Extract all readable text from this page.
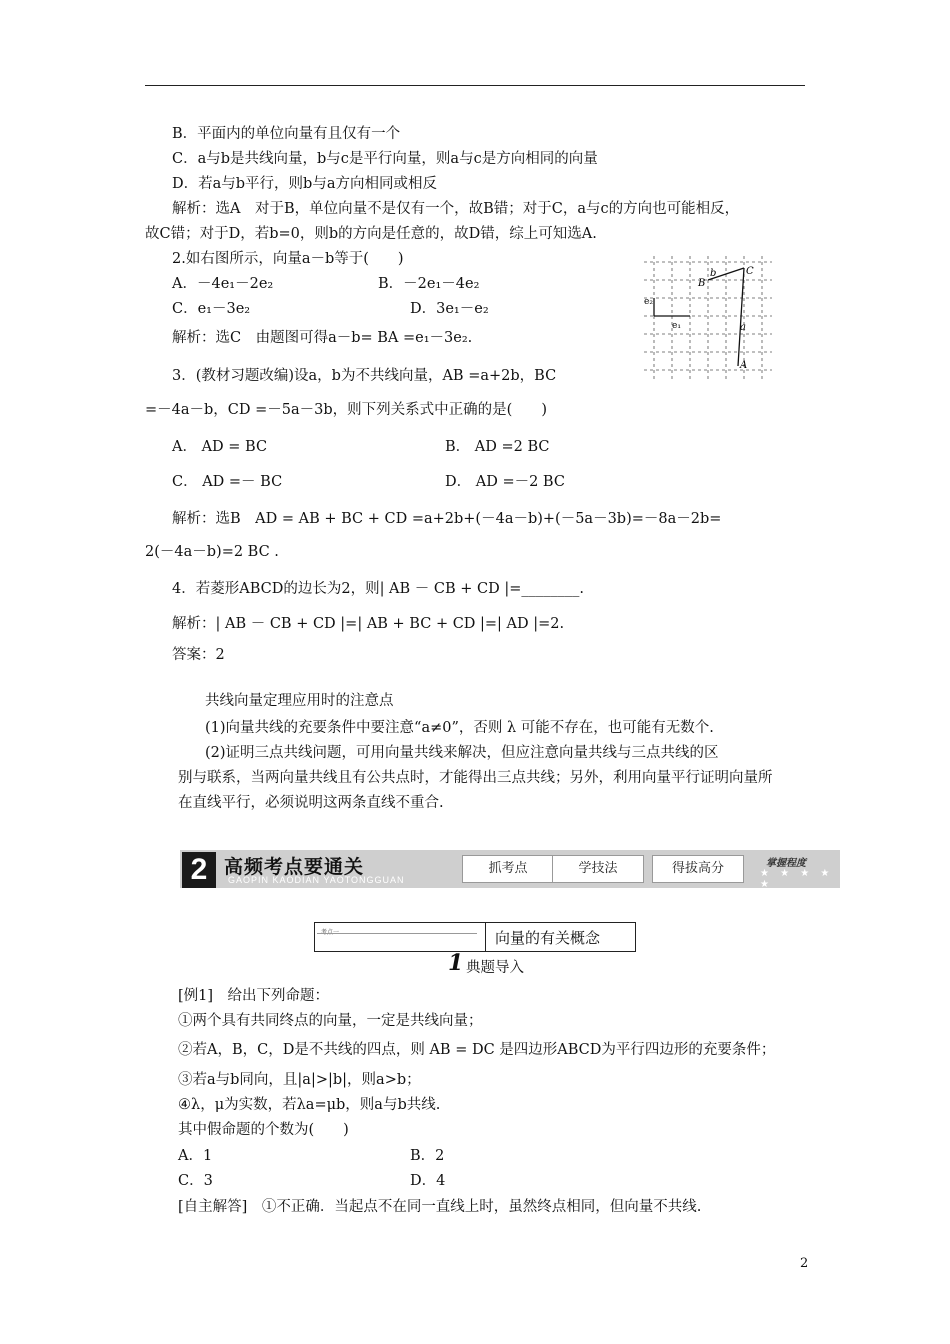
B．平面内的单位向量有且仅有一个
C．a与b是共线向量，b与c是平行向量，则a与c是方向相同的向量
D．若a与b平行，则b与a方向相同或相反
解析：选A　对于B，单位向量不是仅有一个，故B错；对于C，a与c的方向也可能相反，
故C错；对于D，若b=0，则b的方向是任意的，故D错，综上可知选A.
2.如右图所示，向量a－b等于(　　)
A．－4e₁－2e₂	B．－2e₁－4e₂
C．e₁－3e₂	D．3e₁－e₂
解析：选C　由题图可得a－b= BA =e₁－3e₂.
b
B
C
e₂
e₁	a
A
3．(教材习题改编)设a，b为不共线向量，AB =a+2b，BC
=－4a－b，CD =－5a－3b，则下列关系式中正确的是(　　)
A． AD = BC	B． AD =2 BC
C． AD =－ BC	D． AD =－2 BC
解析：选B　AD = AB + BC + CD =a+2b+(－4a－b)+(－5a－3b)=－8a－2b=
2(－4a－b)=2 BC .
4．若菱形ABCD的边长为2，则| AB － CB + CD |=________.
解析：| AB － CB + CD |=| AB + BC + CD |=| AD |=2.
答案：2
共线向量定理应用时的注意点
(1)向量共线的充要条件中要注意“a≠0”，否则 λ 可能不存在，也可能有无数个.
(2)证明三点共线问题，可用向量共线来解决，但应注意向量共线与三点共线的区
别与联系，当两向量共线且有公共点时，才能得出三点共线；另外，利用向量平行证明向量所
在直线平行，必须说明这两条直线不重合.
2 高频考点要通关
GAOPIN KAODIAN YAOTONGGUAN
抓考点	学技法	得拔高分	掌握程度
★ ★ ★ ★ ★
向量的有关概念
1 典题导入
[例1]　给出下列命题：
①两个具有共同终点的向量，一定是共线向量；
②若A，B，C，D是不共线的四点，则 AB = DC 是四边形ABCD为平行四边形的充要条件；
③若a与b同向，且|a|>|b|，则a>b；
④λ，μ为实数，若λa=μb，则a与b共线.
其中假命题的个数为(　　)
A．1	B．2
C．3	D．4
[自主解答]　①不正确．当起点不在同一直线上时，虽然终点相同，但向量不共线.
2
